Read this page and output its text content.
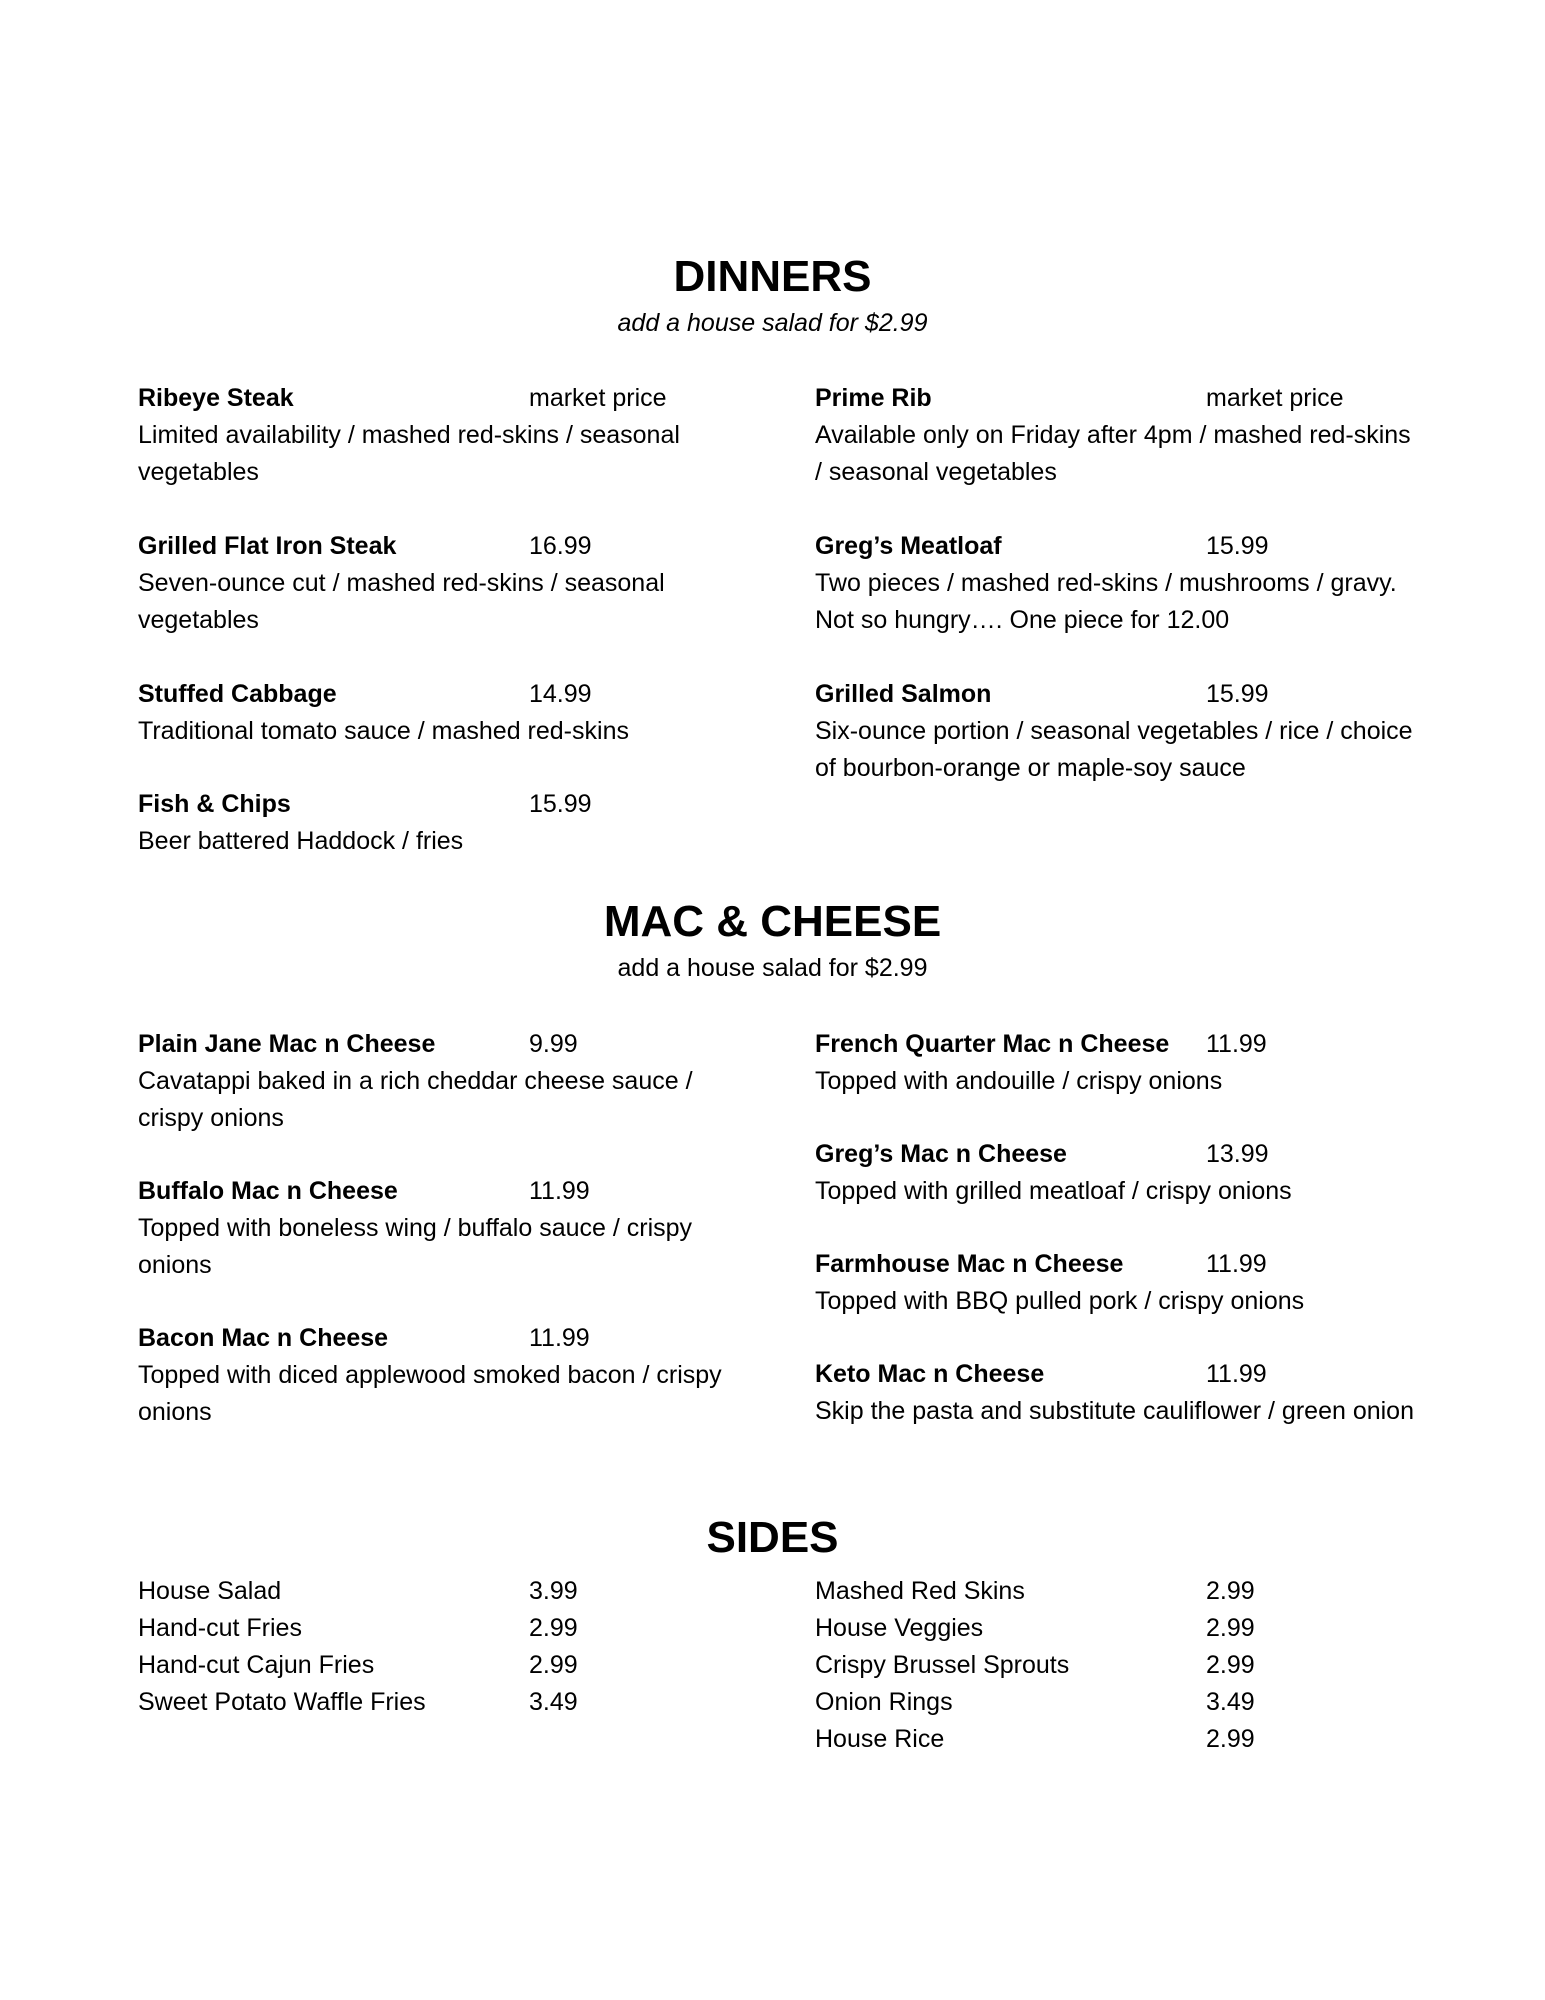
DINNERS

add a house salad for $2.99

Ribeye Steak	market price
Limited availability / mashed red-skins / seasonal vegetables
Grilled Flat Iron Steak	16.99
Seven-ounce cut / mashed red-skins / seasonal vegetables
Stuffed Cabbage	14.99
Traditional tomato sauce / mashed red-skins
Fish & Chips	15.99
Beer battered Haddock / fries
Prime Rib	market price
Available only on Friday after 4pm / mashed red-skins / seasonal vegetables
Greg’s Meatloaf	15.99
Two pieces / mashed red-skins / mushrooms / gravy. Not so hungry…. One piece for 12.00
Grilled Salmon	15.99
Six-ounce portion / seasonal vegetables / rice / choice of bourbon-orange or maple-soy sauce
MAC & CHEESE

add a house salad for $2.99

Plain Jane Mac n Cheese	9.99
Cavatappi baked in a rich cheddar cheese sauce / crispy onions
Buffalo Mac n Cheese	11.99
Topped with boneless wing / buffalo sauce / crispy onions
Bacon Mac n Cheese	11.99
Topped with diced applewood smoked bacon / crispy onions
French Quarter Mac n Cheese	11.99
Topped with andouille / crispy onions
Greg’s Mac n Cheese	13.99
Topped with grilled meatloaf / crispy onions
Farmhouse Mac n Cheese	11.99
Topped with BBQ pulled pork / crispy onions
Keto Mac n Cheese	11.99
Skip the pasta and substitute cauliflower / green onion
SIDES
House Salad	3.99
Hand-cut Fries	2.99
Hand-cut Cajun Fries	2.99
Sweet Potato Waffle Fries	3.49
Mashed Red Skins	2.99
House Veggies	2.99
Crispy Brussel Sprouts	2.99
Onion Rings	3.49
House Rice	2.99
